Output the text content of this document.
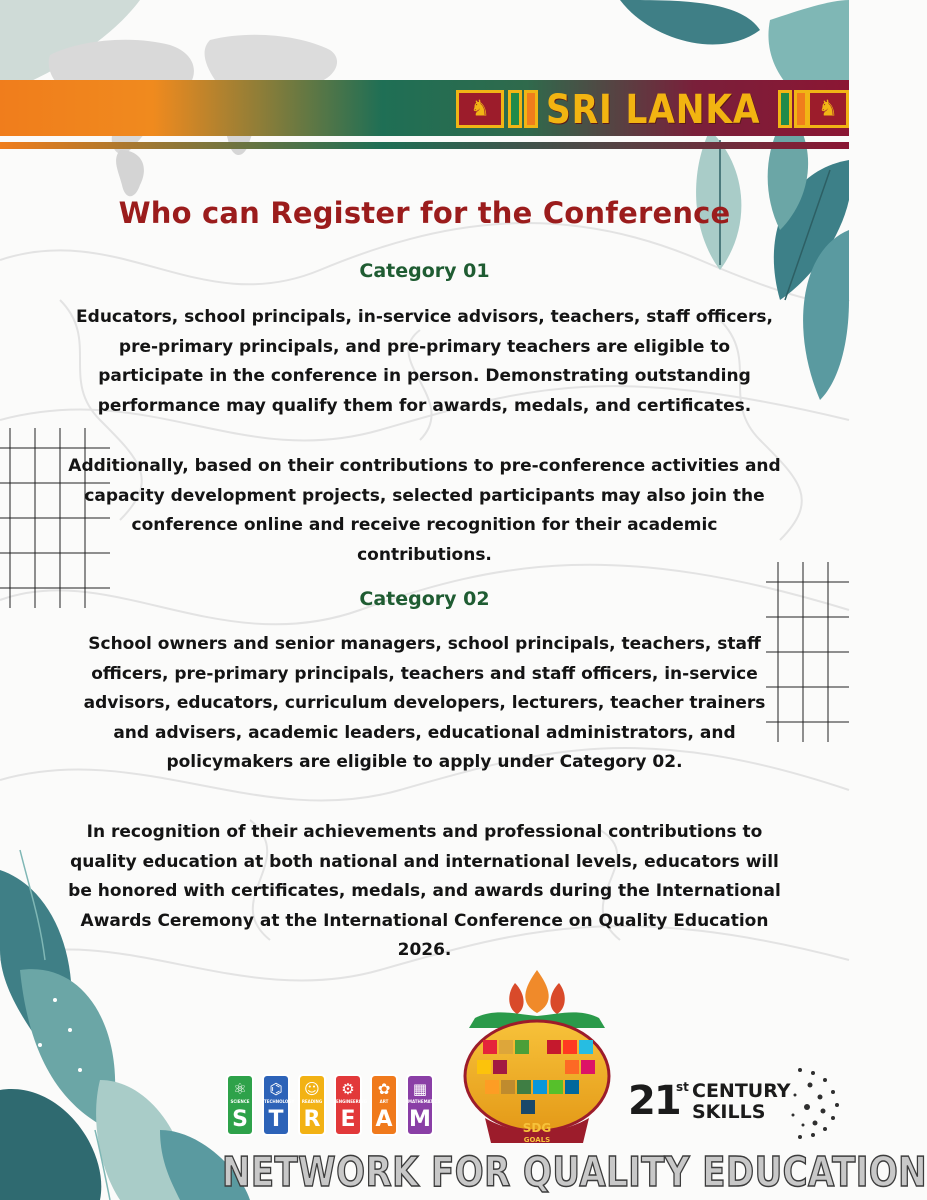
♞ SRI LANKA	♞
Who can Register for the Conference
Category 01
Educators, school principals, in-service advisors, teachers, staff officers, pre-primary principals, and pre-primary teachers are eligible to participate in the conference in person. Demonstrating outstanding performance may qualify them for awards, medals, and certificates.
Additionally, based on their contributions to pre-conference activities and capacity development projects, selected participants may also join the conference online and receive recognition for their academic contributions.
Category 02
School owners and senior managers, school principals, teachers, staff officers, pre-primary principals, teachers and staff officers, in-service advisors, educators, curriculum developers, lecturers, teacher trainers and advisers, academic leaders, educational administrators, and policymakers are eligible to apply under Category 02.
In recognition of their achievements and professional contributions to quality education at both national and international levels, educators will be honored with certificates, medals, and awards during the International Awards Ceremony at the International Conference on Quality Education 2026.
⚛
SCIENCE
S
⌬
TECHNOLOGY
T
☺
READING
R
⚙
ENGINEERING
E
✿
ART
A
▦
MATHEMATICS
M	SDG
GOALS
21
st CENTURY
SKILLS
NETWORK FOR QUALITY EDUCATION
